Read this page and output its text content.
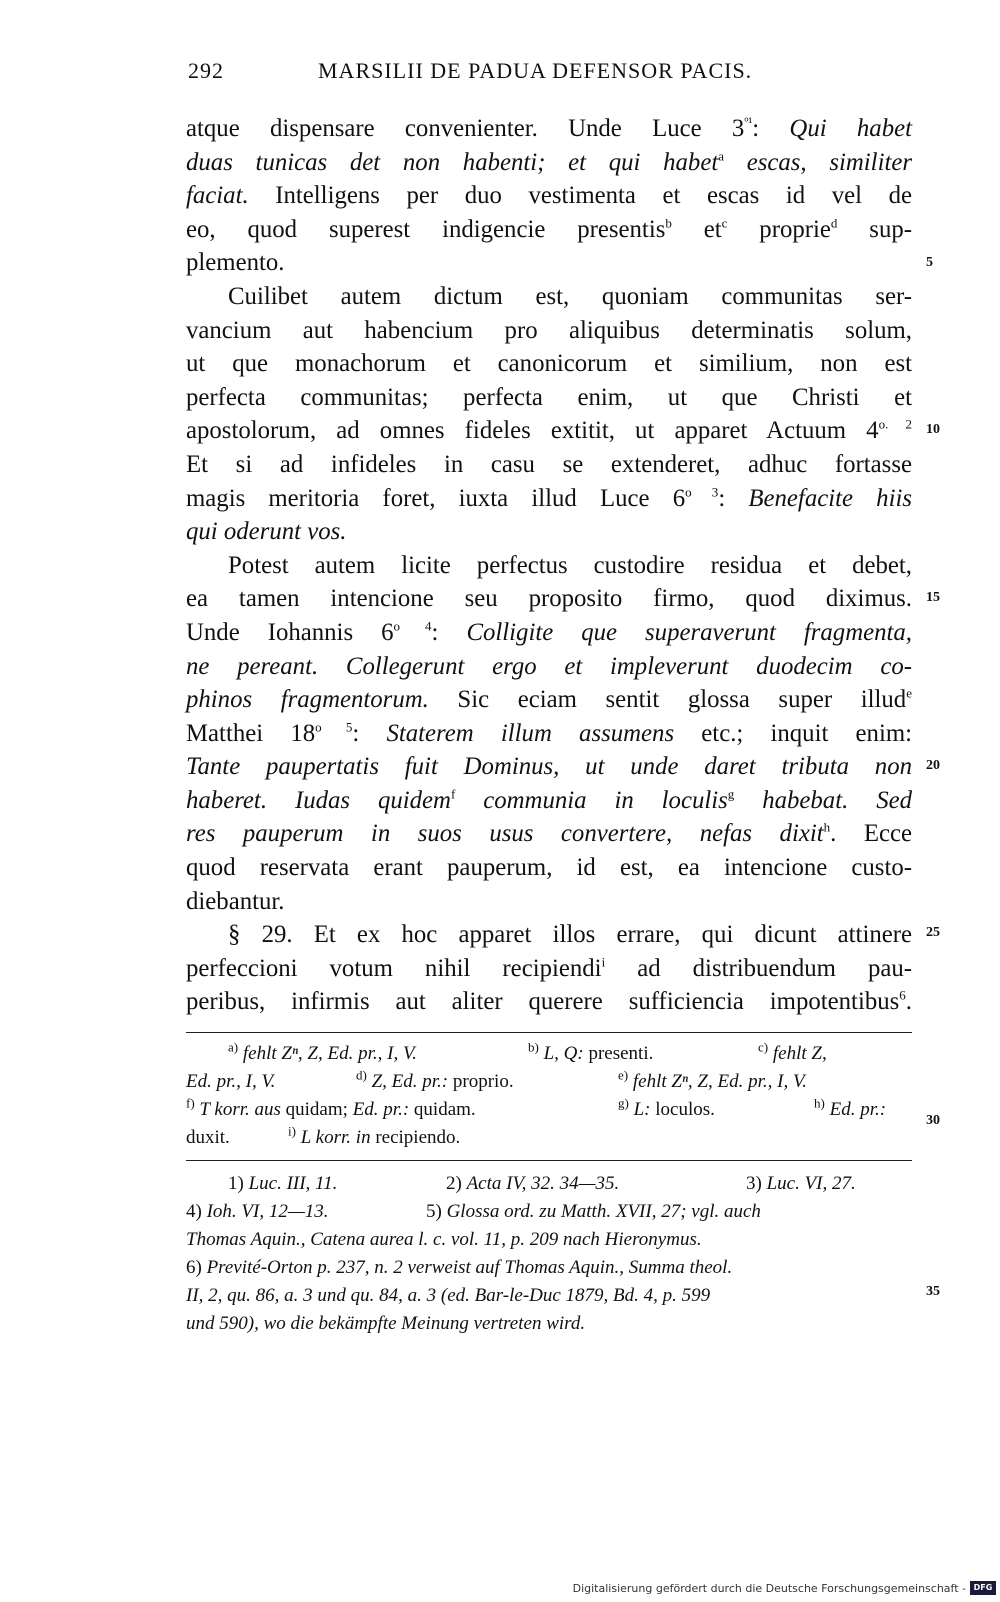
292	MARSILII DE PADUA DEFENSOR PACIS.
atque dispensare convenienter. Unde Luce $3^{º^1}$: Qui habet
duas tunicas det non habenti; et qui habet$^a$ escas, similiter
faciat. Intelligens per duo vestimenta et escas id vel de
eo, quod superest indigencie presentis$^b$ $et^c$ proprie$^d$ sup-
plemento.
Cuilibet autem dictum est, quoniam communitas ser-
vancium aut habencium pro aliquibus determinatis solum,
ut que monachorum et canonicorum et similium, non est
perfecta communitas; perfecta enim, ut que Christi et
apostolorum, ad omnes fideles extitit, ut apparet Actuum $4^{o. 2}$
Et si ad infideles in casu se extenderet, adhuc fortasse
magis meritoria foret, iuxta illud Luce $6^{o 3}$: Benefacite hiis
qui oderunt vos.
Potest autem licite perfectus custodire residua et debet,
ea tamen intencione seu proposito firmo, quod diximus.
Unde Iohannis $6^{o 4}$: Colligite que superaverunt fragmenta,
ne pereant. Collegerunt ergo et impleverunt duodecim co-
phinos fragmentorum. Sic eciam sentit glossa super illud$^e$
Matthei $18^{o 5}$: Staterem illum assumens etc.; inquit enim:
Tante paupertatis fuit Dominus, ut unde daret tributa non
haberet. Iudas quidem$^f$ communia in loculis$^g$ habebat. Sed
res pauperum in suos usus convertere, nefas dixit$^h$. Ecce
quod reservata erant pauperum, id est, ea intencione custo-
diebantur.
§ 29. Et ex hoc apparet illos errare, qui dicunt attinere
perfeccioni votum nihil recipiendi$^i$ ad distribuendum pau-
peribus, infirmis aut aliter querere sufficiencia impotentibus$^6$.
5
10
15
20
25
30
35
$^{a)}$ fehlt Zⁿ, Z, Ed. pr., I, V.	$^{b)}$ L, Q: presenti.	$^{c)}$ fehlt Z,
Ed. pr., I, V.	$^{d)}$ Z, Ed. pr.: proprio.	$^{e)}$ fehlt Zⁿ, Z, Ed. pr., I, V.
$^{f)}$ T korr. aus quidam; Ed. pr.: quidam.	$^{g)}$ L: loculos.	$^{h)}$ Ed. pr.:
duxit.	$^{i)}$ L korr. in recipiendo.
1) Luc. III, 11.	2) Acta IV, 32. 34—35.	3) Luc. VI, 27.
4) Ioh. VI, 12—13.	5) Glossa ord. zu Matth. XVII, 27; vgl. auch
Thomas Aquin., Catena aurea l. c. vol. 11, p. 209 nach Hieronymus.
6) Previté-Orton p. 237, n. 2 verweist auf Thomas Aquin., Summa theol.
II, 2, qu. 86, a. 3 und qu. 84, a. 3 (ed. Bar-le-Duc 1879, Bd. 4, p. 599
und 590), wo die bekämpfte Meinung vertreten wird.
Digitalisierung gefördert durch die Deutsche Forschungsgemeinschaft - DFG
